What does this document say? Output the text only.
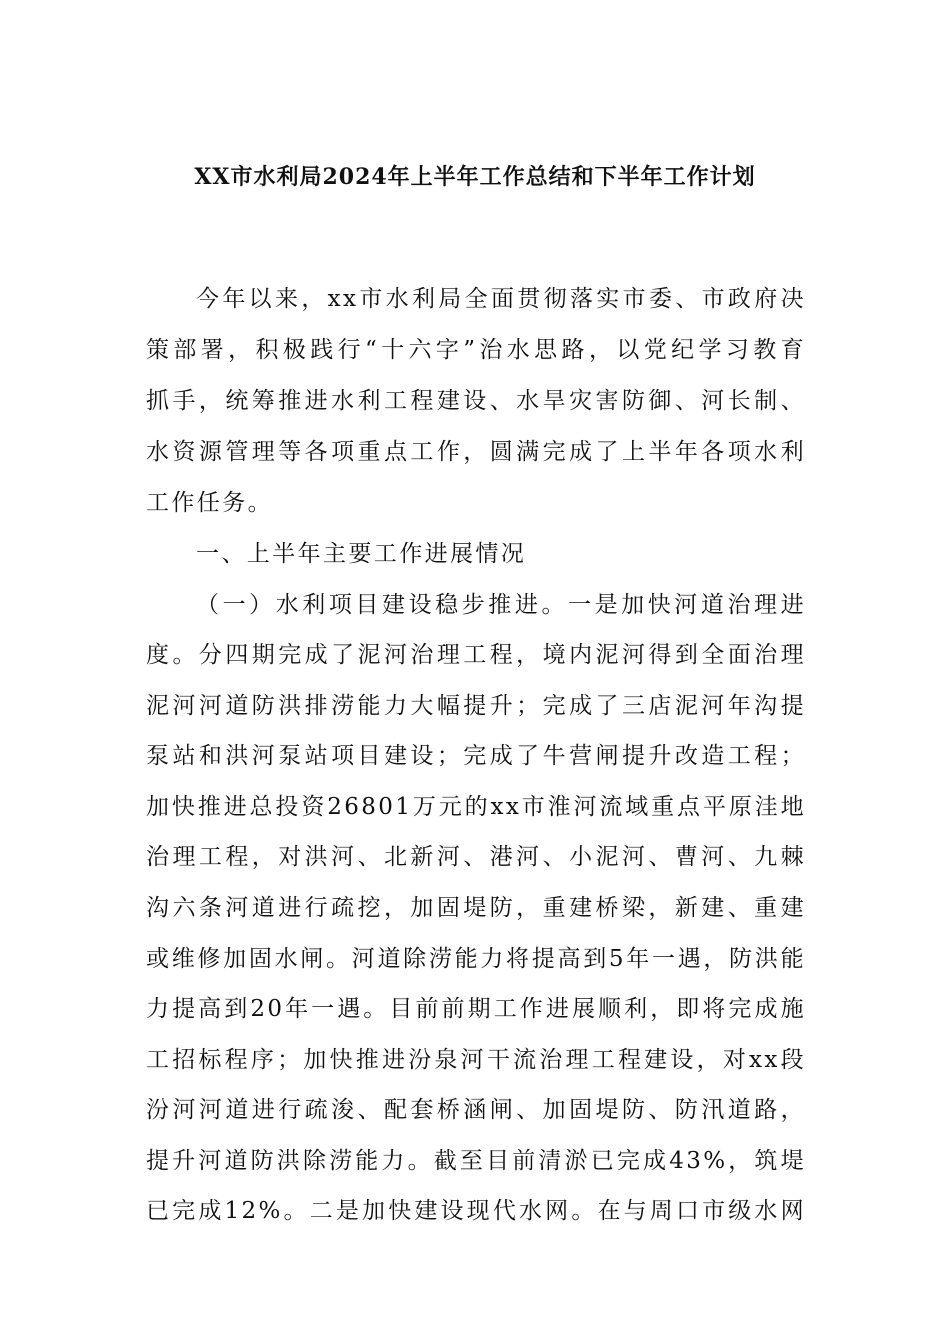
XX市水利局2024年上半年工作总结和下半年工作计划
今年以来，xx市水利局全面贯彻落实市委、市政府决
策部署，积极践行“十六字”治水思路，以党纪学习教育
抓手，统筹推进水利工程建设、水旱灾害防御、河长制、
水资源管理等各项重点工作，圆满完成了上半年各项水利
工作任务。
一、上半年主要工作进展情况
（一）水利项目建设稳步推进。一是加快河道治理进
度。分四期完成了泥河治理工程，境内泥河得到全面治理
泥河河道防洪排涝能力大幅提升；完成了三店泥河年沟提
泵站和洪河泵站项目建设；完成了牛营闸提升改造工程；
加快推进总投资26801万元的xx市淮河流域重点平原洼地
治理工程，对洪河、北新河、港河、小泥河、曹河、九棘
沟六条河道进行疏挖，加固堤防，重建桥梁，新建、重建
或维修加固水闸。河道除涝能力将提高到5年一遇，防洪能
力提高到20年一遇。目前前期工作进展顺利，即将完成施
工招标程序；加快推进汾泉河干流治理工程建设，对xx段
汾河河道进行疏浚、配套桥涵闸、加固堤防、防汛道路，
提升河道防洪除涝能力。截至目前清淤已完成43%，筑堤
已完成12%。二是加快建设现代水网。在与周口市级水网
